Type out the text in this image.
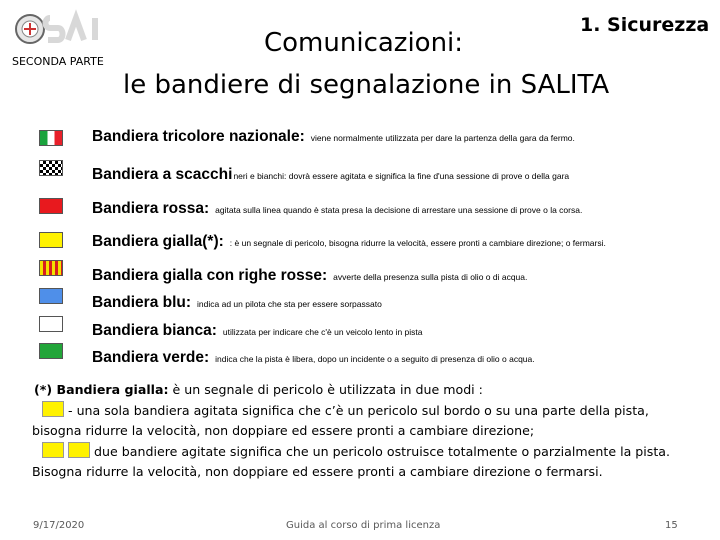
SECONDA PARTE
1. Sicurezza
Comunicazioni:
le bandiere di segnalazione in SALITA
Bandiera tricolore nazionale: viene normalmente utilizzata per dare la partenza della gara da fermo.
Bandiera a scacchineri e bianchi: dovrà essere agitata e significa la fine d'una sessione di prove o della gara
Bandiera rossa: agitata sulla linea quando è stata presa la decisione di arrestare una sessione di prove o la corsa.
Bandiera gialla(*): : è un segnale di pericolo, bisogna ridurre la velocità, essere pronti a cambiare direzione; o fermarsi.
Bandiera gialla con righe rosse: avverte della presenza sulla pista di olio o di acqua.
Bandiera blu: indica ad un pilota che sta per essere sorpassato
Bandiera bianca: utilizzata per indicare che c'è un veicolo lento in pista
Bandiera verde: indica che la pista è libera, dopo un incidente o a seguito di presenza di olio o acqua.
(*) Bandiera gialla: è un segnale di pericolo è utilizzata in due modi :
- una sola bandiera agitata significa che c’è un pericolo sul bordo o su una parte della pista,
bisogna ridurre la velocità, non doppiare ed essere pronti a cambiare direzione;
due bandiere agitate significa che un pericolo ostruisce totalmente o parzialmente la pista.
Bisogna ridurre la velocità, non doppiare ed essere pronti a cambiare direzione o fermarsi.
9/17/2020	Guida al corso di prima licenza	15
